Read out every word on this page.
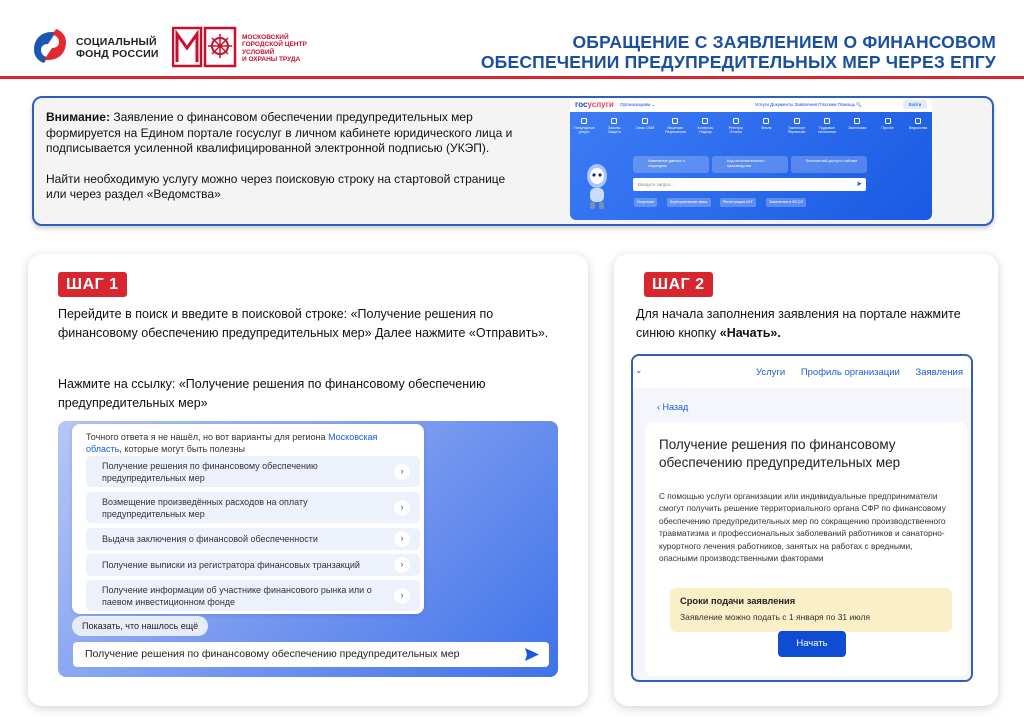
СОЦИАЛЬНЫЙ
ФОНД РОССИИ
МОСКОВСКИЙ
ГОРОДСКОЙ ЦЕНТР
УСЛОВИЙ
И ОХРАНЫ ТРУДА
ОБРАЩЕНИЕ С ЗАЯВЛЕНИЕМ О ФИНАНСОВОМ
ОБЕСПЕЧЕНИИ ПРЕДУПРЕДИТЕЛЬНЫХ МЕР ЧЕРЕЗ ЕПГУ

Внимание: Заявление о финансовом обеспечении предупредительных мер формируется на Едином портале госуслуг в личном кабинете юридического лица и подписывается усиленной квалифицированной электронной подписью (УКЭП).

Найти необходимую услугу можно через поисковую строку на стартовой странице или через раздел «Ведомства»

госуслуги Организациям ⌄	Услуги Документы Заявления Платежи Помощь 🔍	Войти
Популярные услуги
Законы Защита
Связь СМИ	Лицензии Разрешения
Контроль Надзор
Реестры Отчеты
Земля	Транспорт Перевозки
Трудовые отношения
Экономика	Прочее	Ведомства
Изменение данных о соцмедиях
Код исполнительного производства
Бесплатный доступ к сайтам
Введите запрос...	➤
Лицензии	Корпоративная связь	Регистрация ККТ	Заявления в ФССП
ШАГ 1
Перейдите в поиск и введите в поисковой строке: «Получение решения по финансовому обеспечению предупредительных мер» Далее нажмите «Отправить».
Нажмите на ссылку: «Получение решения по финансовому обеспечению предупредительных мер»
Точного ответа я не нашёл, но вот варианты для региона Московская область, которые могут быть полезны
Получение решения по финансовому обеспечению предупредительных мер
›
Возмещение произведённых расходов на оплату предупредительных мер
›
Выдача заключения о финансовой обеспеченности	›
Получение выписки из регистратора финансовых транзакций	›
Получение информации об участнике финансового рынка или о паевом инвестиционном фонде
›
Показать, что нашлось ещё
Получение решения по финансовому обеспечению предупредительных мер
ШАГ 2
Для начала заполнения заявления на портале нажмите синюю кнопку «Начать».
⌄	Услуги Профиль организации Заявления
‹ Назад
Получение решения по финансовому обеспечению предупредительных мер
С помощью услуги организации или индивидуальные предприниматели смогут получить решение территориального органа СФР по финансовому обеспечению предупредительных мер по сокращению производственного травматизма и профессиональных заболеваний работников и санаторно-курортного лечения работников, занятых на работах с вредными, опасными производственными факторами
Сроки подачи заявления
Заявление можно подать с 1 января по 31 июля
Начать
